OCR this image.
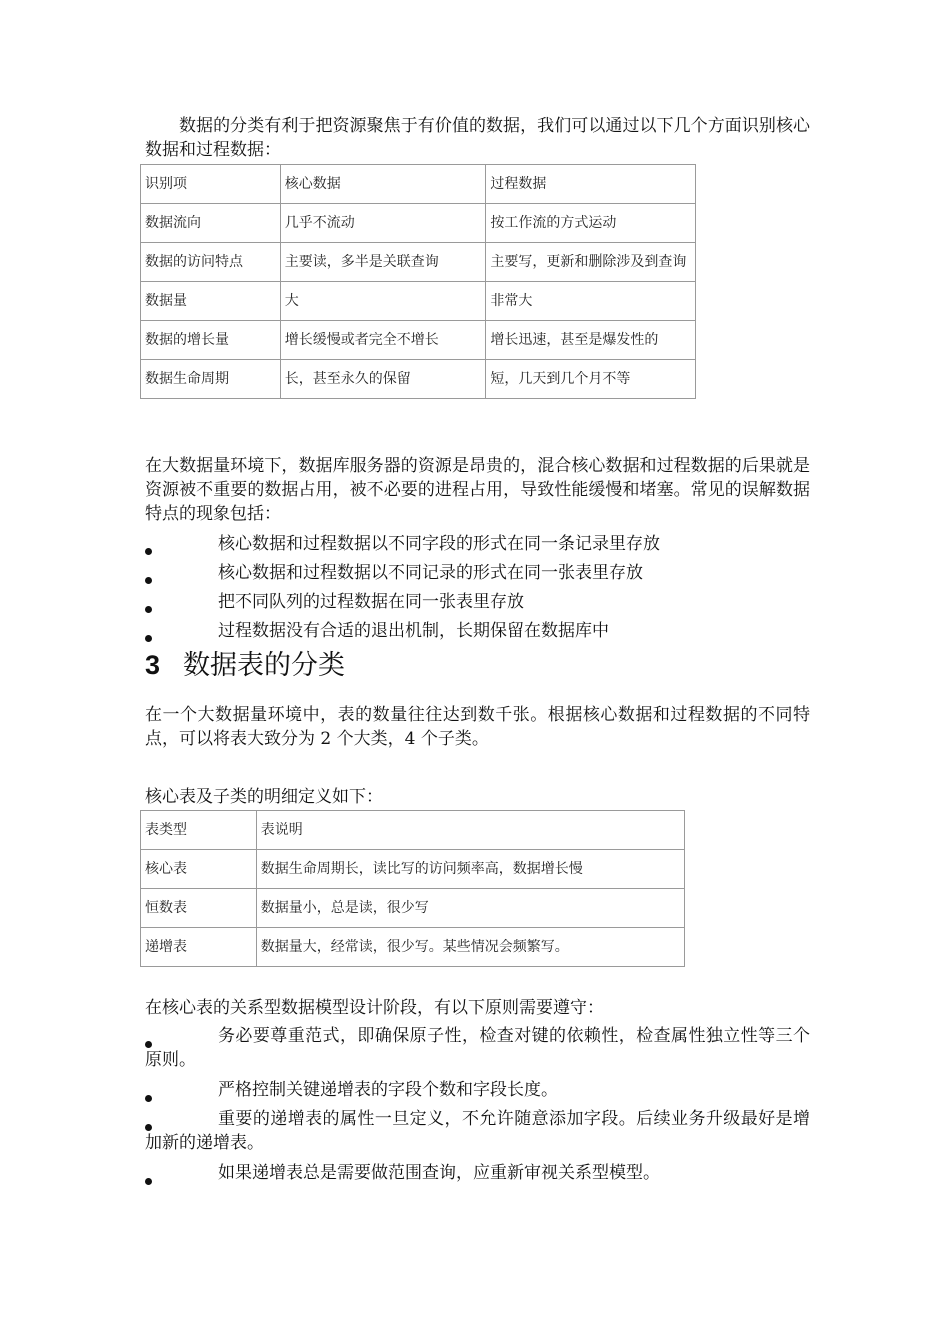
数据的分类有利于把资源聚焦于有价值的数据，我们可以通过以下几个方面识别核心数据和过程数据：

识别项	核心数据	过程数据
数据流向	几乎不流动	按工作流的方式运动
数据的访问特点	主要读，多半是关联查询	主要写，更新和删除涉及到查询
数据量	大	非常大
数据的增长量	增长缓慢或者完全不增长	增长迅速，甚至是爆发性的
数据生命周期	长，甚至永久的保留	短，几天到几个月不等

在大数据量环境下，数据库服务器的资源是昂贵的，混合核心数据和过程数据的后果就是资源被不重要的数据占用，被不必要的进程占用，导致性能缓慢和堵塞。常见的误解数据特点的现象包括：

核心数据和过程数据以不同字段的形式在同一条记录里存放
核心数据和过程数据以不同记录的形式在同一张表里存放
把不同队列的过程数据在同一张表里存放
过程数据没有合适的退出机制，长期保留在数据库中
3 数据表的分类

在一个大数据量环境中，表的数量往往达到数千张。根据核心数据和过程数据的不同特点，可以将表大致分为 2 个大类，4 个子类。

核心表及子类的明细定义如下：

表类型	表说明
核心表	数据生命周期长，读比写的访问频率高，数据增长慢
恒数表	数据量小，总是读，很少写
递增表	数据量大，经常读，很少写。某些情况会频繁写。

在核心表的关系型数据模型设计阶段，有以下原则需要遵守：

务必要尊重范式，即确保原子性，检查对键的依赖性，检查属性独立性等三个原则。
严格控制关键递增表的字段个数和字段长度。
重要的递增表的属性一旦定义，不允许随意添加字段。后续业务升级最好是增加新的递增表。
如果递增表总是需要做范围查询，应重新审视关系型模型。
